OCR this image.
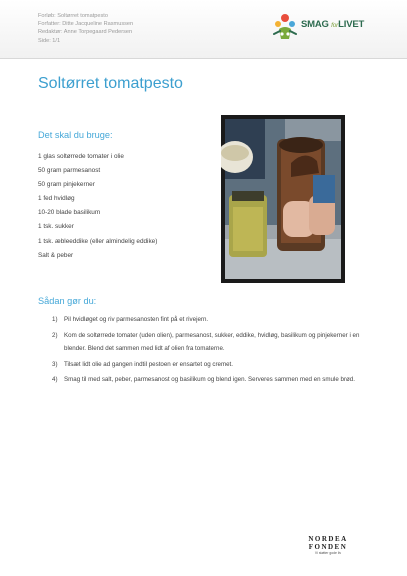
Forløb: Soltørret tomatpesto
Forfatter: Ditte Jacqueline Rasmussen
Redaktør: Anne Torpegaard Pedersen
Side: 1/1
SMAG forLIVET
Soltørret tomatpesto
Det skal du bruge:
1 glas soltørrede tomater i olie
50 gram parmesanost
50 gram pinjekerner
1 fed hvidløg
10-20 blade basilikum
1 tsk. sukker
1 tsk. æbleeddike (eller almindelig eddike)
Salt & peber
Sådan gør du:
1) Pil hvidløget og riv parmesanosten fint på et rivejern.
2) Kom de soltørrede tomater (uden olien), parmesanost, sukker, eddike, hvidløg, basilikum og pinjekerner i en blender. Blend det sammen med lidt af olien fra tomaterne.
3) Tilsæt lidt olie ad gangen indtil pestoen er ensartet og cremet.
4) Smag til med salt, peber, parmesanost og basilikum og blend igen. Serveres sammen med en smule brød.
NORDEA
FONDEN
Vi støtter gode liv
